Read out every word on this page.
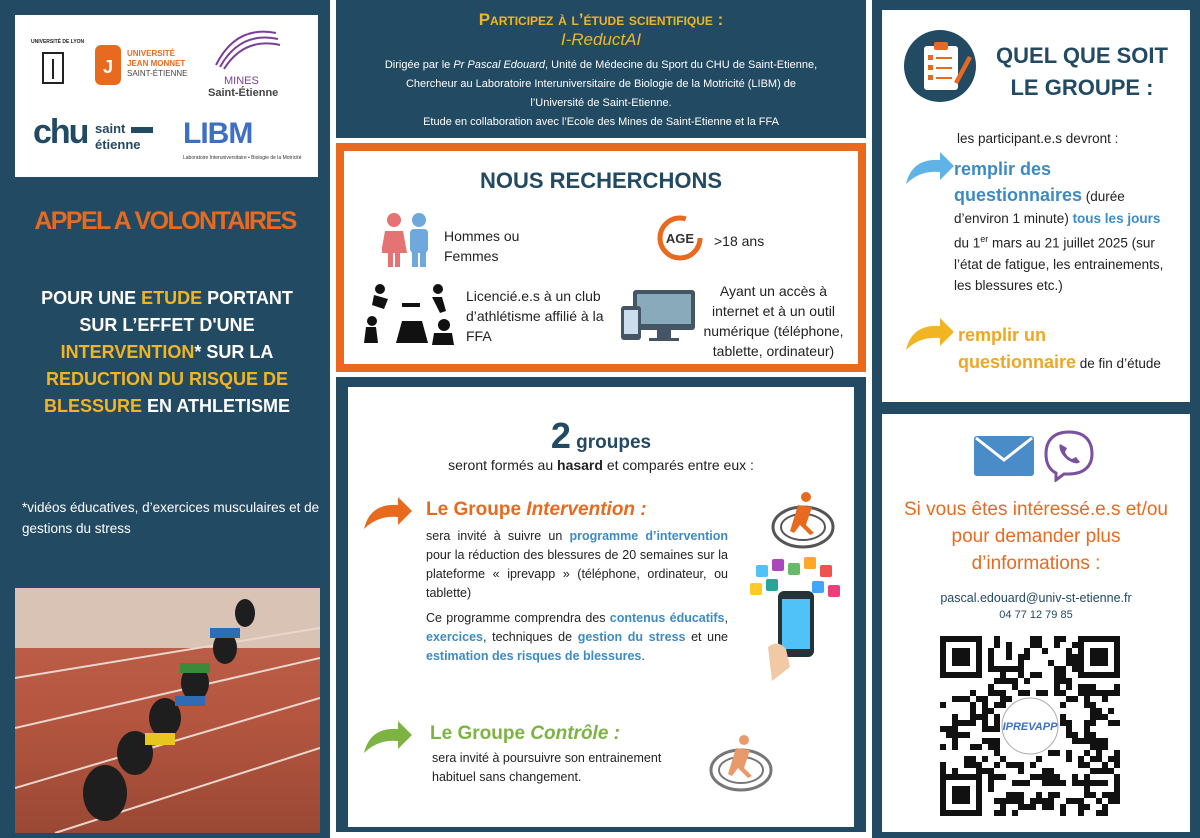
UNIVERSITÉ DE LYON
J
UNIVERSITÉ
JEAN MONNET
SAINT-ÉTIENNE
MINES
Saint-Étienne
chu saint
étienne LIBM
Laboratoire Interuniversitaire • Biologie de la Motricité
APPEL A VOLONTAIRES
POUR UNE ETUDE PORTANT SUR L’EFFET D'UNE INTERVENTION* SUR LA REDUCTION DU RISQUE DE BLESSURE EN ATHLETISME
*vidéos éducatives, d’exercices musculaires et de gestions du stress
Participez à l’étude scientifique :
I-ReductAI
Dirigée par le Pr Pascal Edouard, Unité de Médecine du Sport du CHU de Saint-Etienne,
Chercheur au Laboratoire Interuniversitaire de Biologie de la Motricité (LIBM) de
l’Université de Saint-Etienne.
Etude en collaboration avec l’Ecole des Mines de Saint-Etienne et la FFA
NOUS RECHERCHONS
Hommes ou Femmes
AGE >18 ans
Licencié.e.s à un club d’athlétisme affilié à la FFA
Ayant un accès à internet et à un outil numérique (téléphone, tablette, ordinateur)
2 groupes
seront formés au hasard et comparés entre eux :
Le Groupe Intervention :
sera invité à suivre un programme d’intervention pour la réduction des blessures de 20 semaines sur la plateforme « iprevapp » (téléphone, ordinateur, ou tablette)
Ce programme comprendra des contenus éducatifs, exercices, techniques de gestion du stress et une estimation des risques de blessures.
Le Groupe Contrôle :
sera invité à poursuivre son entrainement habituel sans changement.
QUEL QUE SOIT LE GROUPE :
les participant.e.s devront :
remplir des questionnaires (durée d’environ 1 minute) tous les jours du 1er mars au 21 juillet 2025 (sur l’état de fatigue, les entrainements, les blessures etc.)
remplir un questionnaire de fin d’étude
Si vous êtes intéressé.e.s et/ou pour demander plus d’informations :
pascal.edouard@univ-st-etienne.fr
04 77 12 79 85
IPREVAPP
